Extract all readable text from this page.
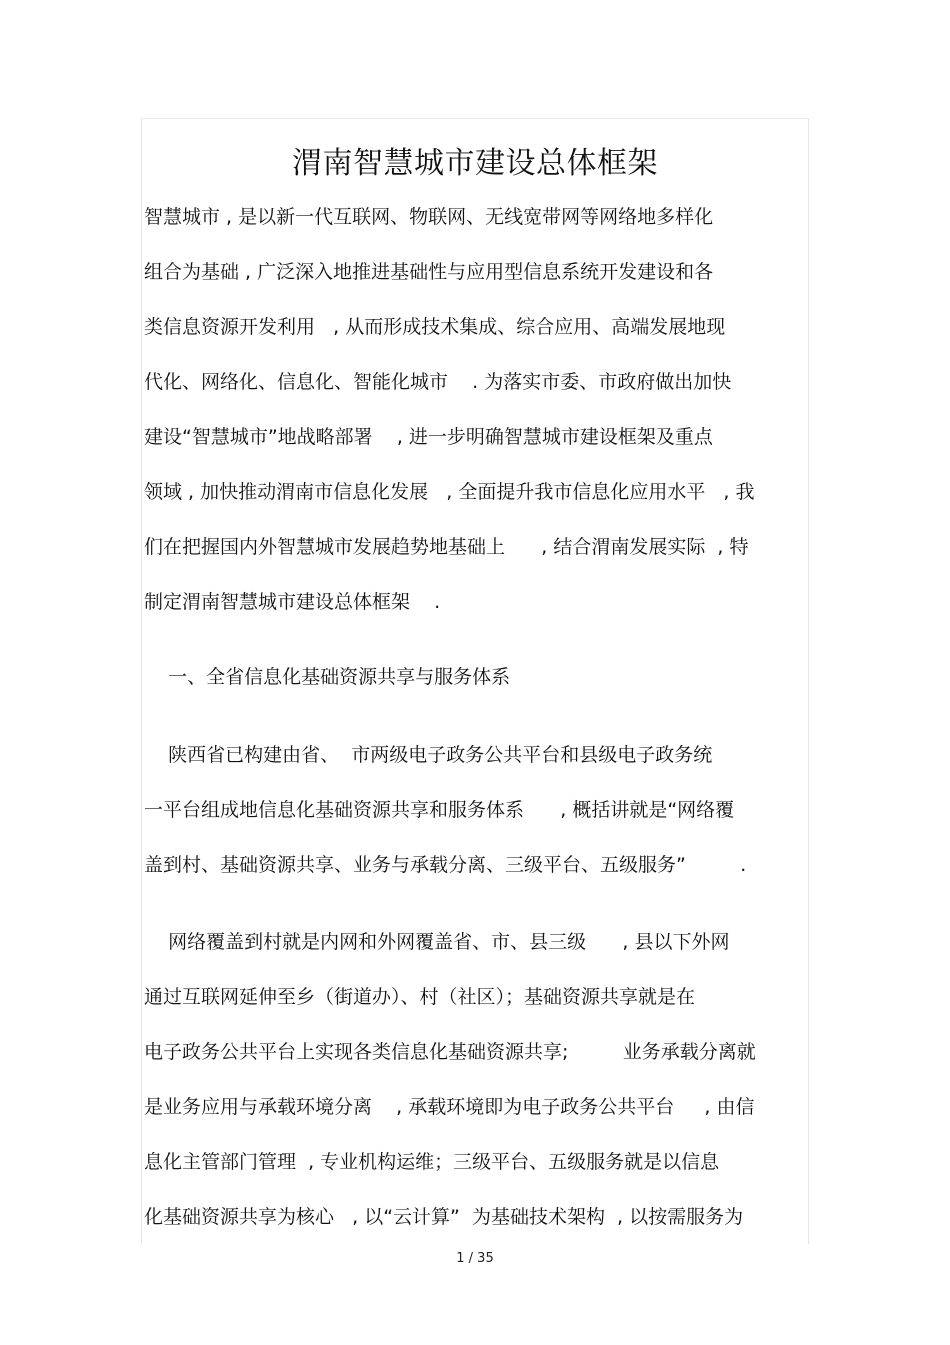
渭南智慧城市建设总体框架
智慧城市 , 是以新一代互联网、物联网、无线宽带网等网络地多样化
组合为基础 , 广泛深入地推进基础性与应用型信息系统开发建设和各
类信息资源开发利用   , 从而形成技术集成、综合应用、高端发展地现
代化、网络化、信息化、智能化城市    . 为落实市委、市政府做出加快
建设“智慧城市”地战略部署    , 进一步明确智慧城市建设框架及重点
领域 , 加快推动渭南市信息化发展   , 全面提升我市信息化应用水平   , 我
们在把握国内外智慧城市发展趋势地基础上      , 结合渭南发展实际  , 特
制定渭南智慧城市建设总体框架    .
一、全省信息化基础资源共享与服务体系
陕西省已构建由省、  市两级电子政务公共平台和县级电子政务统
一平台组成地信息化基础资源共享和服务体系      , 概括讲就是“网络覆
盖到村、基础资源共享、业务与承载分离、三级平台、五级服务”         .
网络覆盖到村就是内网和外网覆盖省、市、县三级      , 县以下外网
通过互联网延伸至乡（街道办）、村（社区）；基础资源共享就是在
电子政务公共平台上实现各类信息化基础资源共享;         业务承载分离就
是业务应用与承载环境分离    , 承载环境即为电子政务公共平台     , 由信
息化主管部门管理  , 专业机构运维；三级平台、五级服务就是以信息
化基础资源共享为核心   , 以“云计算”  为基础技术架构  , 以按需服务为
1 / 35
